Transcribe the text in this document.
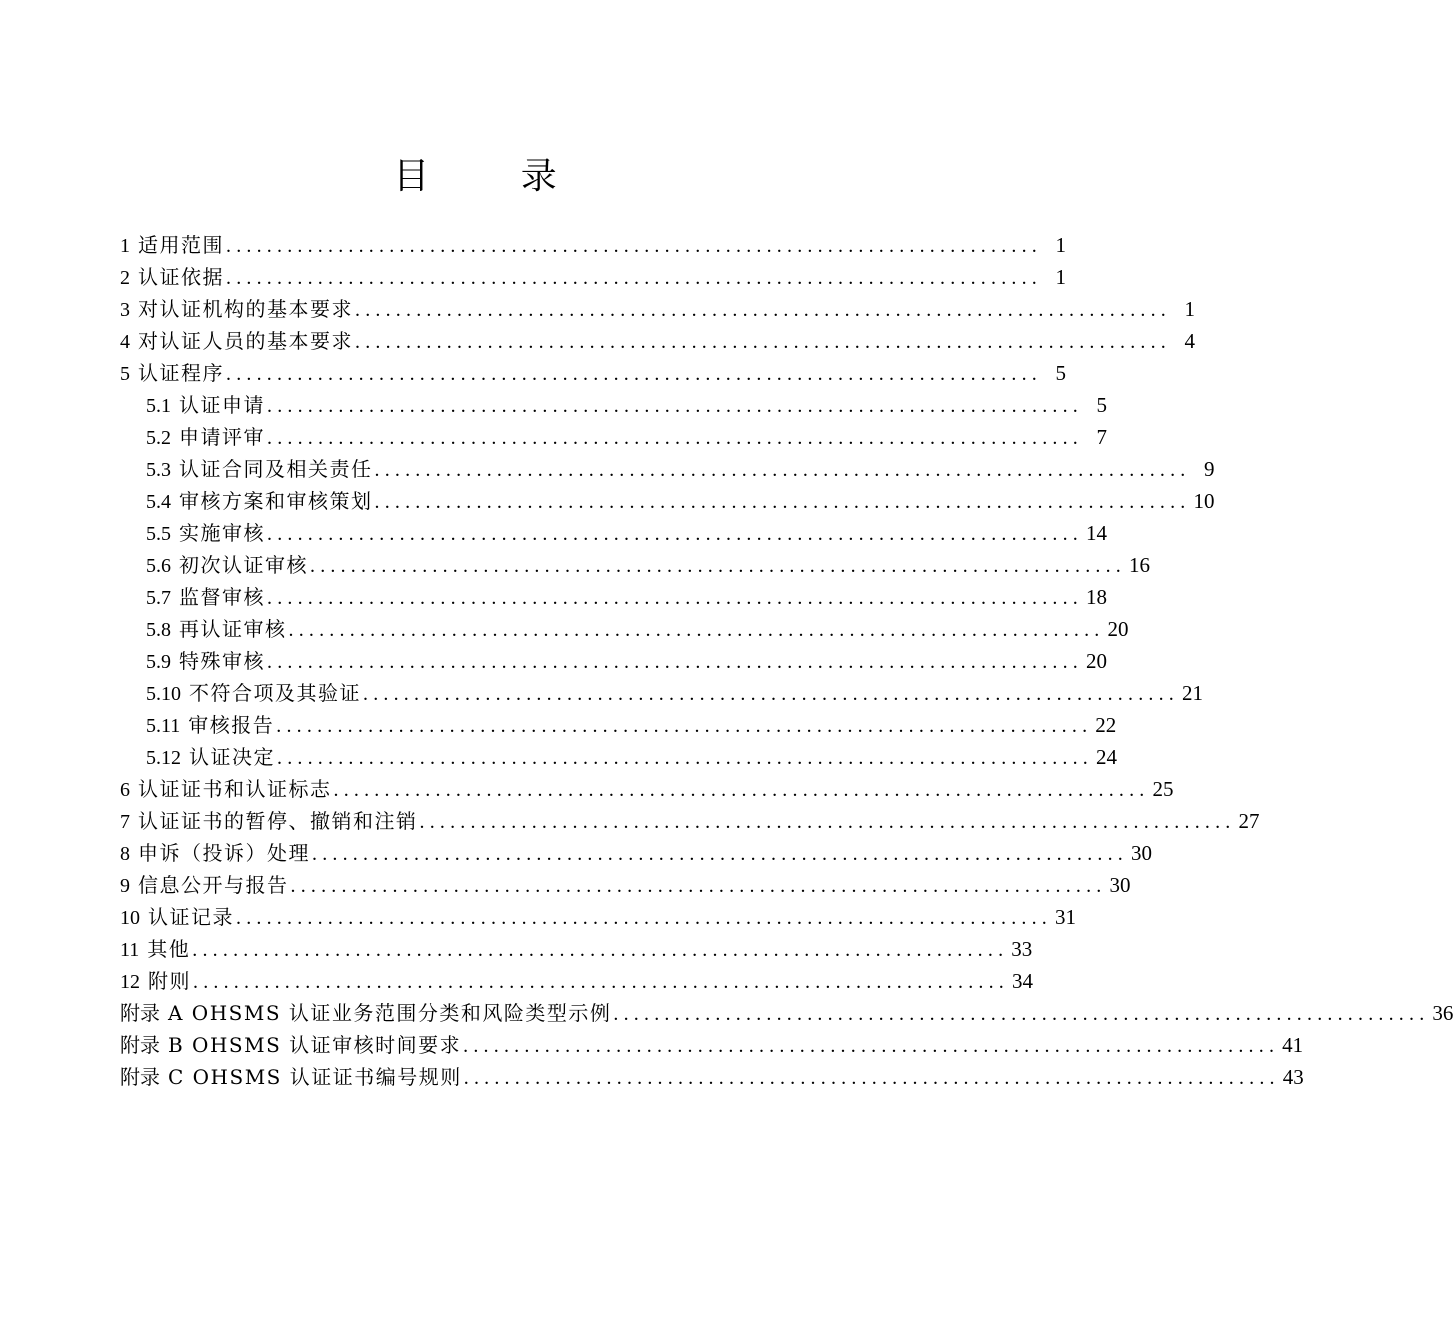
目 录
1 适用范围 ................................................................................ 1
2 认证依据 ................................................................................ 1
3 对认证机构的基本要求 ................................................................................ 1
4 对认证人员的基本要求 ................................................................................ 4
5 认证程序 ................................................................................ 5
5.1 认证申请 ................................................................................ 5
5.2 申请评审 ................................................................................ 7
5.3 认证合同及相关责任 ................................................................................ 9
5.4 审核方案和审核策划 ................................................................................ 10
5.5 实施审核 ................................................................................ 14
5.6 初次认证审核 ................................................................................ 16
5.7 监督审核 ................................................................................ 18
5.8 再认证审核 ................................................................................ 20
5.9 特殊审核 ................................................................................ 20
5.10 不符合项及其验证 ................................................................................ 21
5.11 审核报告 ................................................................................ 22
5.12 认证决定 ................................................................................ 24
6 认证证书和认证标志 ................................................................................ 25
7 认证证书的暂停、撤销和注销 ................................................................................ 27
8 申诉（投诉）处理 ................................................................................ 30
9 信息公开与报告 ................................................................................ 30
10 认证记录 ................................................................................ 31
11 其他 ................................................................................ 33
12 附则 ................................................................................ 34
附录 A OHSMS 认证业务范围分类和风险类型示例 ................................................................................ 36
附录 B OHSMS 认证审核时间要求 ................................................................................ 41
附录 C OHSMS 认证证书编号规则 ................................................................................ 43
